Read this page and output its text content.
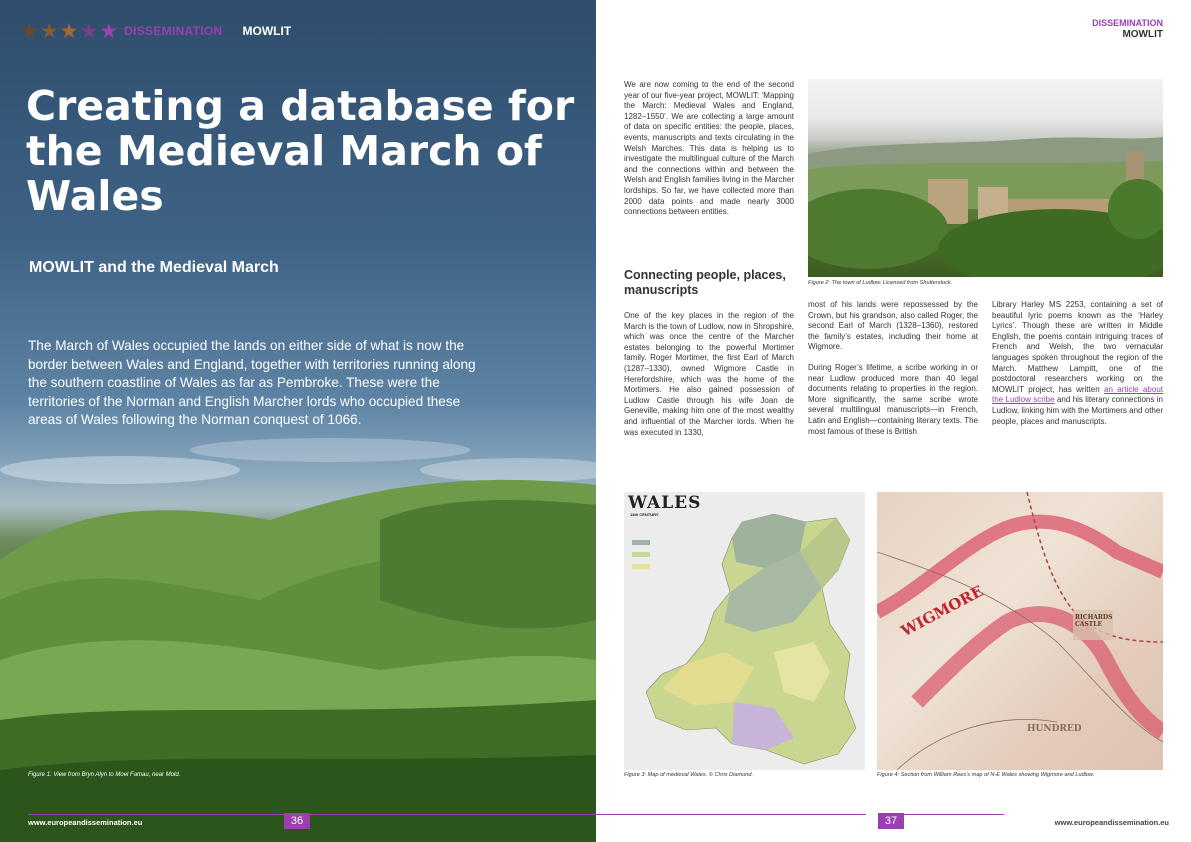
★ ★ ★ ★ ★ DISSEMINATION MOWLIT
Creating a database for the Medieval March of Wales
MOWLIT and the Medieval March

The March of Wales occupied the lands on either side of what is now the border between Wales and England, together with territories running along the southern coastline of Wales as far as Pembroke. These were the territories of the Norman and English Marcher lords who occupied these areas of Wales following the Norman conquest of 1066.

Figure 1: View from Bryn Alyn to Moel Famau, near Mold.
www.europeandissemination.eu	36
DISSEMINATION
MOWLIT

We are now coming to the end of the second year of our five-year project, MOWLIT: ‘Mapping the March: Medieval Wales and England, 1282–1550’. We are collecting a large amount of data on specific entities: the people, places, events, manuscripts and texts circulating in the Welsh Marches. This data is helping us to investigate the multilingual culture of the March and the connections within and between the Welsh and English families living in the Marcher lordships. So far, we have collected more than 2000 data points and made nearly 3000 connections between entities.

Connecting people, places, manuscripts

One of the key places in the region of the March is the town of Ludlow, now in Shropshire, which was once the centre of the Marcher estates belonging to the powerful Mortimer family. Roger Mortimer, the first Earl of March (1287–1330), owned Wigmore Castle in Herefordshire, which was the home of the Mortimers. He also gained possession of Ludlow Castle through his wife Joan de Geneville, making him one of the most wealthy and influential of the Marcher lords. When he was executed in 1330,

most of his lands were repossessed by the Crown, but his grandson, also called Roger, the second Earl of March (1328–1360), restored the family’s estates, including their home at Wigmore.

During Roger’s lifetime, a scribe working in or near Ludlow produced more than 40 legal documents relating to properties in the region. More significantly, the same scribe wrote several multilingual manuscripts—in French, Latin and English—containing literary texts. The most famous of these is British

Library Harley MS 2253, containing a set of beautiful lyric poems known as the ‘Harley Lyrics’. Though these are written in Middle English, the poems contain intriguing traces of French and Welsh, the two vernacular languages spoken throughout the region of the March. Matthew Lampitt, one of the postdoctoral researchers working on the MOWLIT project, has written an article about the Ludlow scribe and his literary connections in Ludlow, linking him with the Mortimers and other people, places and manuscripts.

Figure 2: The town of Ludlow. Licensed from Shutterstock.
WALES
14th CENTURY
Figure 3: Map of medieval Wales. © Chris Diamond.
WIGMORE	RICHARDS CASTLE
HUNDRED
Figure 4: Section from William Rees’s map of N-E Wales showing Wigmore and Ludlow.
37	www.europeandissemination.eu
